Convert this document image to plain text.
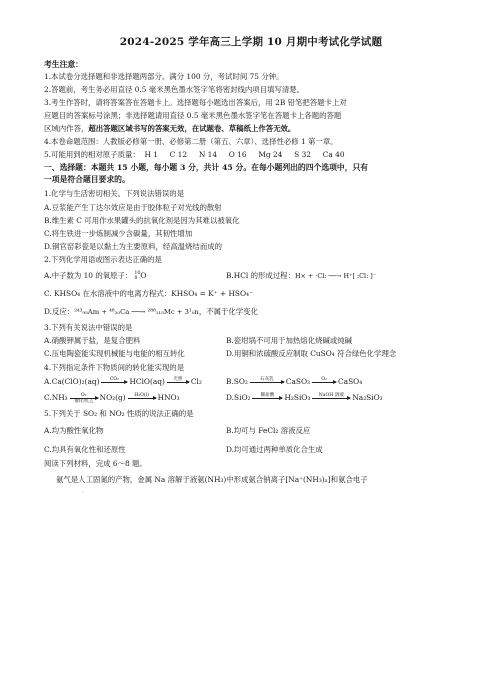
2024-2025 学年高三上学期 10 月期中考试化学试题
考生注意：

1.本试卷分选择题和非选择题两部分。满分 100 分，考试时间 75 分钟。

2.答题前，考生务必用直径 0.5 毫米黑色墨水签字笔将密封线内项目填写清楚。

3.考生作答时，请将答案答在答题卡上。选择题每小题选出答案后，用 2B 铅笔把答题卡上对

应题目的答案标号涂黑；非选择题请用直径 0.5 毫米黑色墨水签字笔在答题卡上各题的答题

区域内作答，超出答题区域书写的答案无效，在试题卷、草稿纸上作答无效。

4.本卷命题范围：人教版必修第一册、必修第二册（第五、六章）、选择性必修 1 第一章。

5.可能用到的相对原子质量：  H 1     C 12     N 14     O 16     Mg 24     S 32     Ca 40

一、选择题：本题共 15 小题，每小题 3 分，共计 45 分。在每小题列出的四个选项中，只有
一项是符合题目要求的。

1.化学与生活密切相关。下列说法错误的是

A.豆浆能产生丁达尔效应是由于胶体粒子对光线的散射

B.维生素 C 可用作水果罐头的抗氧化剂是因为其难以被氧化

C.将生铁进一步炼制减少含碳量，其韧性增加

D.铜官窑彩瓷是以黏土为主要原料，经高温烧结而成的

2.下列化学用语或图示表达正确的是

A.中子数为 10 的氧原子： 10
8 O	B.HCl 的形成过程：H× + ·Cl: ──→ H⁺[ :Cl: ]⁻

C. KHSO₄ 在水溶液中的电离方程式：KHSO₄ = K⁺ + HSO₄⁻

D.反应：²⁴³₉₅Am + ⁴⁸₂₀Ca ──→ ²⁸⁸₁₁₅Mc + 3¹₀n，不属于化学变化

3.下列有关说法中错误的是

A.硝酸钾属于盐，是复合肥料	B.瓷坩埚不可用于加热熔化烧碱或纯碱
C.压电陶瓷能实现机械能与电能的相互转化	D.用铜和浓硫酸反应制取 CuSO₄ 符合绿色化学理念

4.下列指定条件下物质间的转化能实现的是

A. Ca(ClO)₂(aq)	CO₂	HClO(aq)	光照	Cl₂	B. SO₂	石灰乳	CaSO₃	O₂	CaSO₄
C. NH₃	O₂
催化剂,△ NO₂(g)	H₂O(l)	HNO₃	D. SiO₂	稀盐酸	H₂SiO₃	NaOH 溶液	Na₂SiO₃

5.下列关于 SO₂ 和 NO₂ 性质的说法正确的是

A.均为酸性氧化物	B.均可与 FeCl₂ 溶液反应
C.均具有氧化性和还原性	D.均可通过两种单质化合生成

阅读下列材料，完成 6～8 题。

氨气是人工固氮的产物，金属 Na 溶解于液氨(NH₃)中形成氨合钠离子[Na⁺(NH₃)ₓ]和氨合电子

。
